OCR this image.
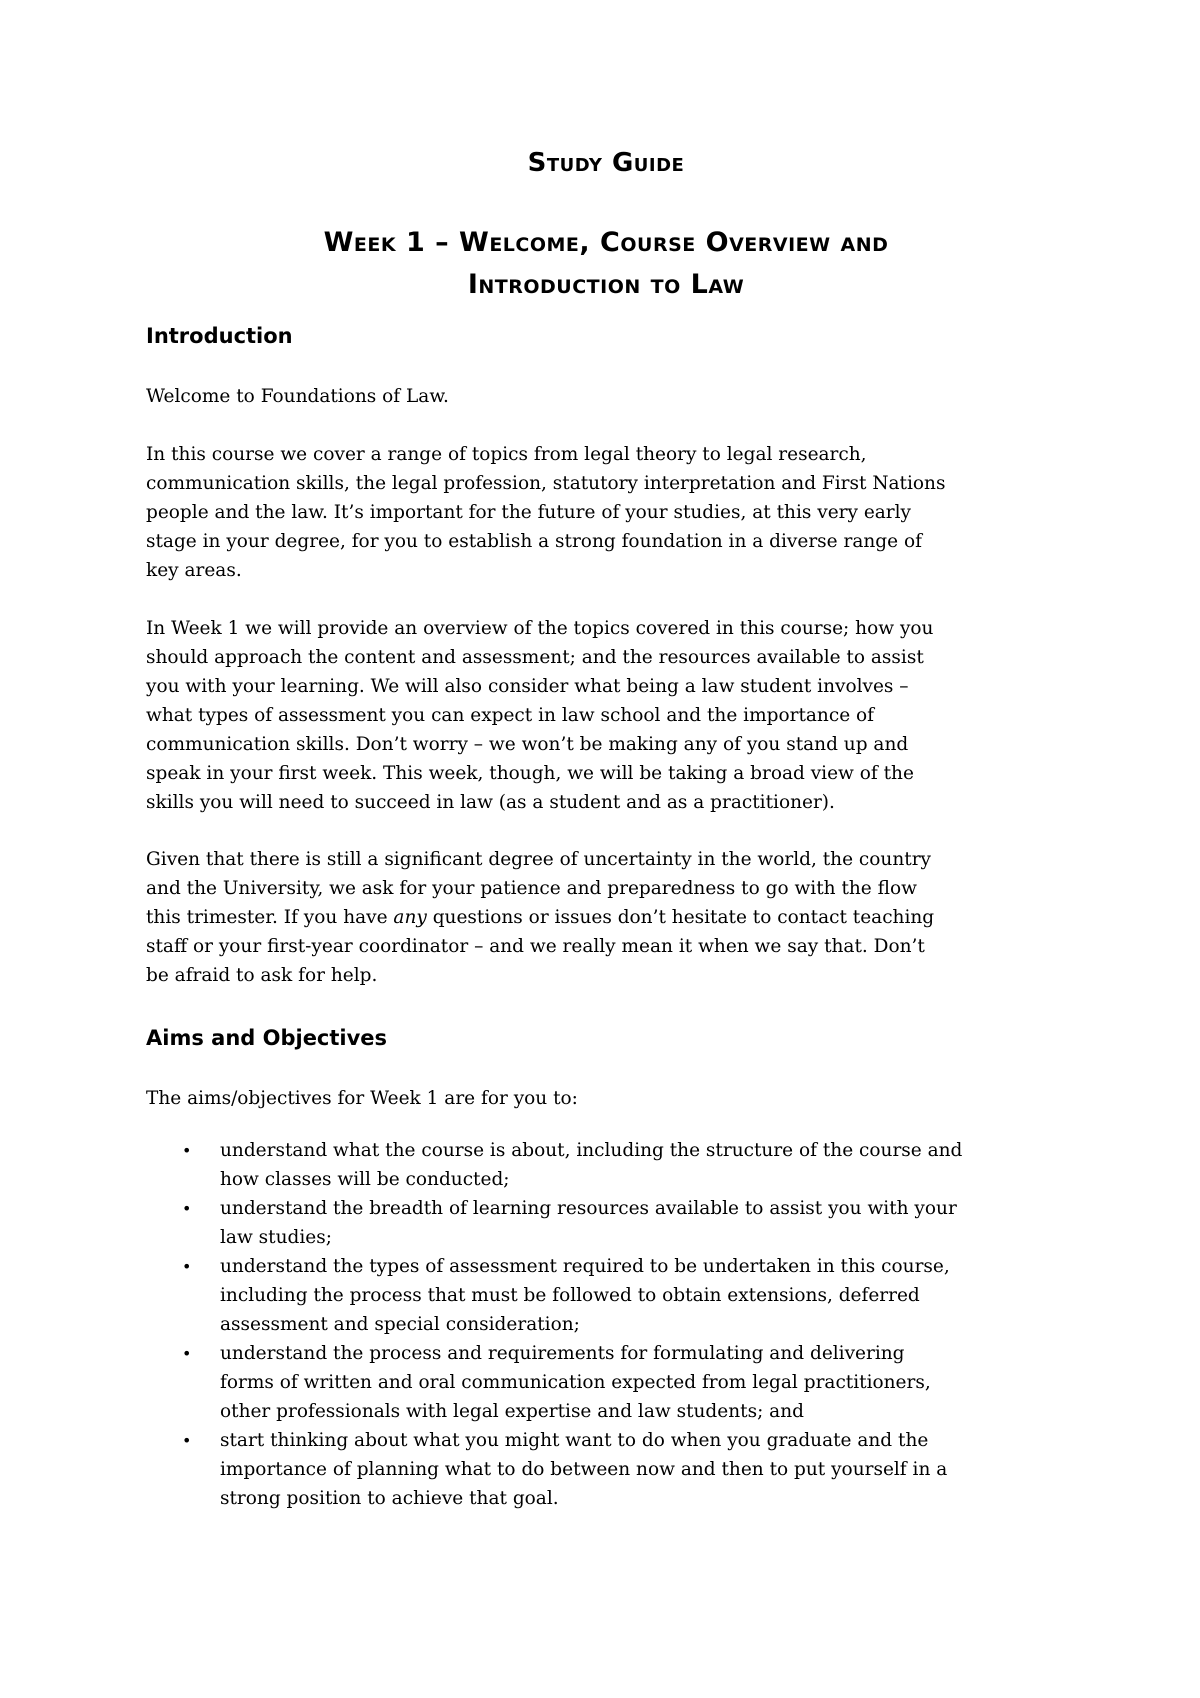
Study Guide
Week 1 – Welcome, Course Overview and
Introduction to Law
Introduction

Welcome to Foundations of Law.

In this course we cover a range of topics from legal theory to legal research,
communication skills, the legal profession, statutory interpretation and First Nations
people and the law. It’s important for the future of your studies, at this very early
stage in your degree, for you to establish a strong foundation in a diverse range of
key areas.

In Week 1 we will provide an overview of the topics covered in this course; how you
should approach the content and assessment; and the resources available to assist
you with your learning. We will also consider what being a law student involves –
what types of assessment you can expect in law school and the importance of
communication skills. Don’t worry – we won’t be making any of you stand up and
speak in your first week. This week, though, we will be taking a broad view of the
skills you will need to succeed in law (as a student and as a practitioner).

Given that there is still a significant degree of uncertainty in the world, the country
and the University, we ask for your patience and preparedness to go with the flow
this trimester. If you have any questions or issues don’t hesitate to contact teaching
staff or your first-year coordinator – and we really mean it when we say that. Don’t
be afraid to ask for help.

Aims and Objectives

The aims/objectives for Week 1 are for you to:

• understand what the course is about, including the structure of the course and
how classes will be conducted;
• understand the breadth of learning resources available to assist you with your
law studies;
• understand the types of assessment required to be undertaken in this course,
including the process that must be followed to obtain extensions, deferred
assessment and special consideration;
• understand the process and requirements for formulating and delivering
forms of written and oral communication expected from legal practitioners,
other professionals with legal expertise and law students; and
• start thinking about what you might want to do when you graduate and the
importance of planning what to do between now and then to put yourself in a
strong position to achieve that goal.
